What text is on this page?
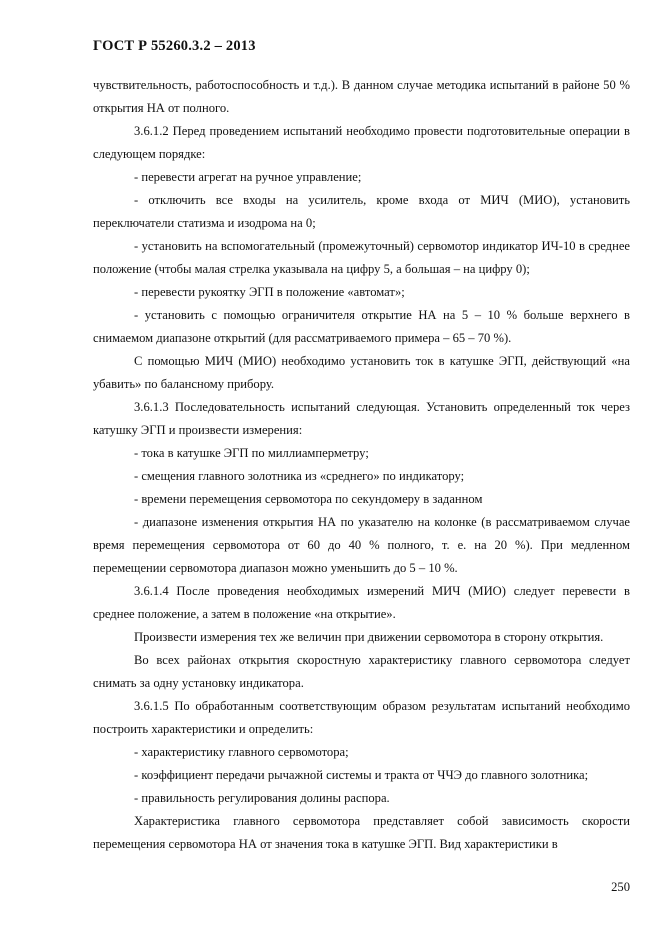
ГОСТ Р 55260.3.2 – 2013

чувствительность, работоспособность и т.д.). В данном случае методика испытаний в районе 50 % открытия НА от полного.

3.6.1.2 Перед проведением испытаний необходимо провести подготовительные операции в следующем порядке:

- перевести агрегат на ручное управление;

- отключить все входы на усилитель, кроме входа от МИЧ (МИО), установить переключатели статизма и изодрома на 0;

- установить на вспомогательный (промежуточный) сервомотор индикатор ИЧ-10 в среднее положение (чтобы малая стрелка указывала на цифру 5, а большая – на цифру 0);

- перевести рукоятку ЭГП в положение «автомат»;

- установить с помощью ограничителя открытие НА на 5 – 10 % больше верхнего в снимаемом диапазоне открытий (для рассматриваемого примера – 65 – 70 %).

С помощью МИЧ (МИО) необходимо установить ток в катушке ЭГП, действующий «на убавить» по балансному прибору.

3.6.1.3 Последовательность испытаний следующая. Установить определенный ток через катушку ЭГП и произвести измерения:

- тока в катушке ЭГП по миллиамперметру;

- смещения главного золотника из «среднего» по индикатору;

- времени перемещения сервомотора по секундомеру в заданном

- диапазоне изменения открытия НА по указателю на колонке (в рассматриваемом случае время перемещения сервомотора от 60 до 40 % полного, т. е. на 20 %). При медленном перемещении сервомотора диапазон можно уменьшить до 5 – 10 %.

3.6.1.4 После проведения необходимых измерений МИЧ (МИО) следует перевести в среднее положение, а затем в положение «на открытие».

Произвести измерения тех же величин при движении сервомотора в сторону открытия.

Во всех районах открытия скоростную характеристику главного сервомотора следует снимать за одну установку индикатора.

3.6.1.5 По обработанным соответствующим образом результатам испытаний необходимо построить характеристики и определить:

- характеристику главного сервомотора;

- коэффициент передачи рычажной системы и тракта от ЧЧЭ до главного золотника;

- правильность регулирования долины распора.

Характеристика главного сервомотора представляет собой зависимость скорости перемещения сервомотора НА от значения тока в катушке ЭГП. Вид характеристики в

250
